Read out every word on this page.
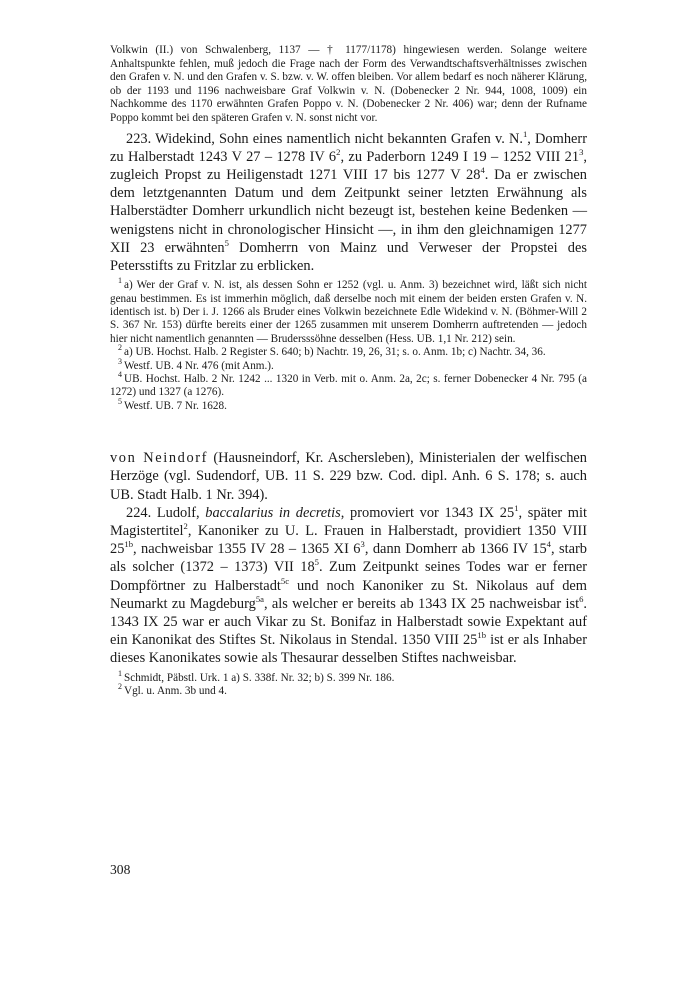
Volkwin (II.) von Schwalenberg, 1137 — † 1177/1178) hingewiesen werden. Solange weitere Anhaltspunkte fehlen, muß jedoch die Frage nach der Form des Verwandtschaftsverhältnisses zwischen den Grafen v. N. und den Grafen v. S. bzw. v. W. offen bleiben. Vor allem bedarf es noch näherer Klärung, ob der 1193 und 1196 nachweisbare Graf Volkwin v. N. (Dobenecker 2 Nr. 944, 1008, 1009) ein Nachkomme des 1170 erwähnten Grafen Poppo v. N. (Dobenecker 2 Nr. 406) war; denn der Rufname Poppo kommt bei den späteren Grafen v. N. sonst nicht vor.

223. Widekind, Sohn eines namentlich nicht bekannten Grafen v. N.$^1$, Domherr zu Halberstadt 1243 V 27 – 1278 IV $6^2$, zu Paderborn 1249 I 19 – 1252 VIII $21^3$, zugleich Propst zu Heiligenstadt 1271 VIII 17 bis 1277 V $28^4$. Da er zwischen dem letztgenannten Datum und dem Zeitpunkt seiner letzten Erwähnung als Halberstädter Domherr urkundlich nicht bezeugt ist, bestehen keine Bedenken — wenigstens nicht in chronologischer Hinsicht —, in ihm den gleichnamigen 1277 XII 23 erwähnten$^5$ Domherrn von Mainz und Verweser der Propstei des Petersstifts zu Fritzlar zu erblicken.

$^1$ a) Wer der Graf v. N. ist, als dessen Sohn er 1252 (vgl. u. Anm. 3) bezeichnet wird, läßt sich nicht genau bestimmen. Es ist immerhin möglich, daß derselbe noch mit einem der beiden ersten Grafen v. N. identisch ist. b) Der i. J. 1266 als Bruder eines Volkwin bezeichnete Edle Widekind v. N. (Böhmer-Will 2 S. 367 Nr. 153) dürfte bereits einer der 1265 zusammen mit unserem Domherrn auftretenden — jedoch hier nicht namentlich genannten — Brudersssöhne desselben (Hess. UB. 1,1 Nr. 212) sein.

$^2$ a) UB. Hochst. Halb. 2 Register S. 640; b) Nachtr. 19, 26, 31; s. o. Anm. 1b; c) Nachtr. 34, 36.

$^3$ Westf. UB. 4 Nr. 476 (mit Anm.).

$^4$ UB. Hochst. Halb. 2 Nr. 1242 ... 1320 in Verb. mit o. Anm. 2a, 2c; s. ferner Dobenecker 4 Nr. 795 (a 1272) und 1327 (a 1276).

$^5$ Westf. UB. 7 Nr. 1628.

von Neindorf (Hausneindorf, Kr. Aschersleben), Ministerialen der welfischen Herzöge (vgl. Sudendorf, UB. 11 S. 229 bzw. Cod. dipl. Anh. 6 S. 178; s. auch UB. Stadt Halb. 1 Nr. 394).

224. Ludolf, baccalarius in decretis, promoviert vor 1343 IX $25^1$, später mit Magistertitel$^2$, Kanoniker zu U. L. Frauen in Halberstadt, providiert 1350 VIII $25^{1b}$, nachweisbar 1355 IV 28 – 1365 XI $6^3$, dann Domherr ab 1366 IV $15^4$, starb als solcher (1372 – 1373) VII $18^5$. Zum Zeitpunkt seines Todes war er ferner Dompförtner zu Halberstadt$^{5c}$ und noch Kanoniker zu St. Nikolaus auf dem Neumarkt zu Magdeburg$^{5a}$, als welcher er bereits ab 1343 IX 25 nachweisbar ist$^6$. 1343 IX 25 war er auch Vikar zu St. Bonifaz in Halberstadt sowie Expektant auf ein Kanonikat des Stiftes St. Nikolaus in Stendal. 1350 VIII $25^{1b}$ ist er als Inhaber dieses Kanonikates sowie als Thesaurar desselben Stiftes nachweisbar.

$^1$ Schmidt, Päbstl. Urk. 1 a) S. 338f. Nr. 32; b) S. 399 Nr. 186.

$^2$ Vgl. u. Anm. 3b und 4.

308
